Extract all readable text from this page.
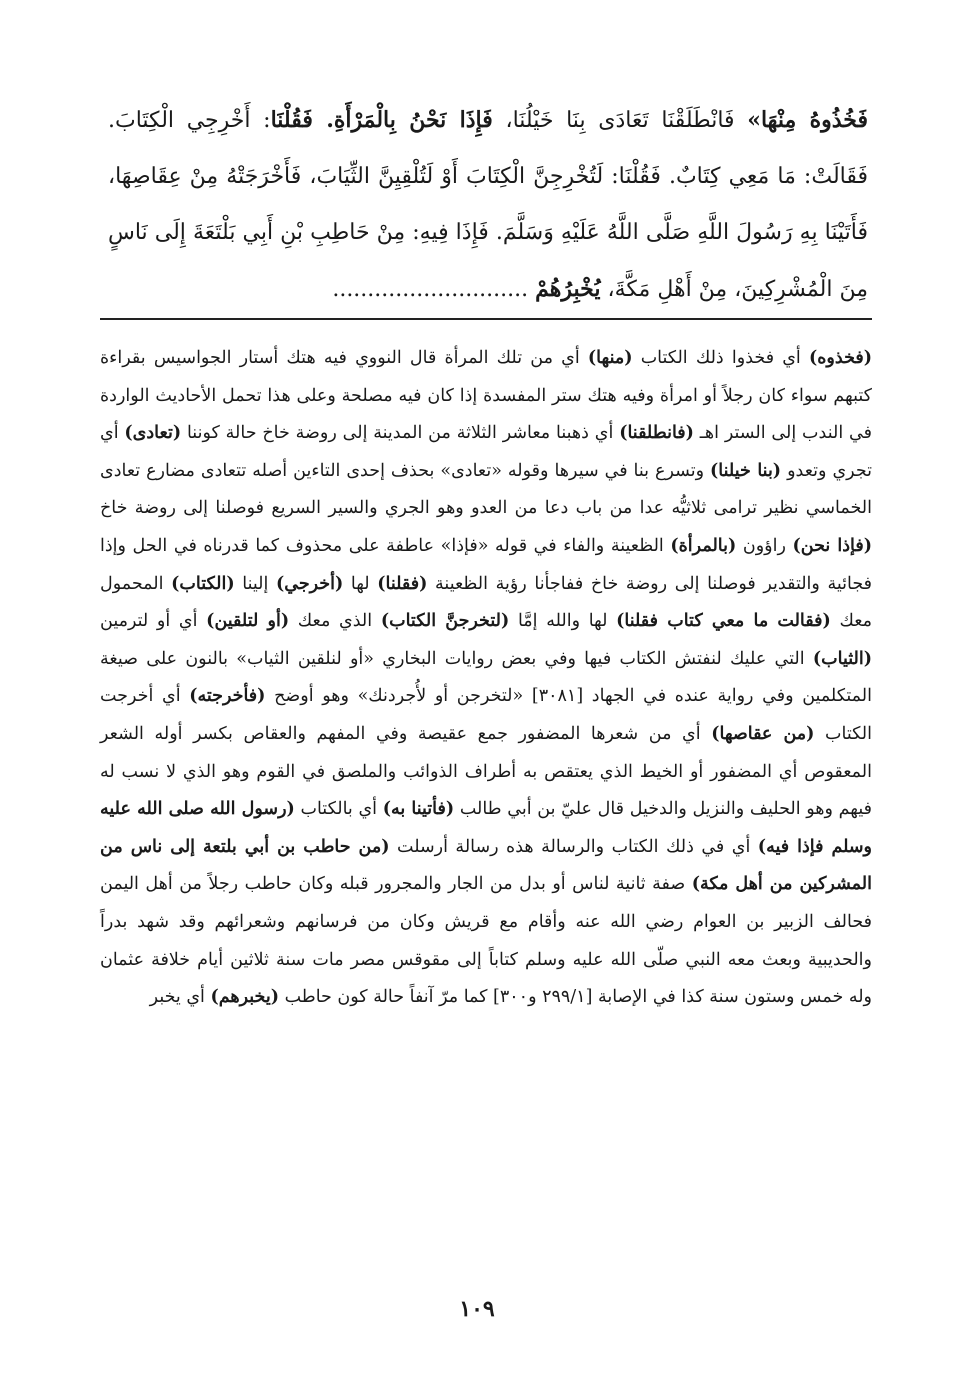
فَخُذُوهُ مِنْهَا» فَانْطَلَقْنَا تَعَادَى بِنَا خَيْلُنَا، فَإِذَا نَحْنُ بِالْمَرْأَةِ. فَقُلْنَا: أَخْرِجِي الْكِتَابَ. فَقَالَتْ: مَا مَعِي كِتَابٌ. فَقُلْنَا: لَتُخْرِجِنَّ الْكِتَابَ أَوْ لَتُلْقِيِنَّ الثِّيَابَ، فَأَخْرَجَتْهُ مِنْ عِقَاصِهَا، فَأَتَيْنَا بِهِ رَسُولَ اللَّهِ صَلَّى اللَّهُ عَلَيْهِ وَسَلَّمَ. فَإِذَا فِيهِ: مِنْ حَاطِبِ بْنِ أَبِي بَلْتَعَةَ إِلَى نَاسٍ مِنَ الْمُشْرِكِينَ، مِنْ أَهْلِ مَكَّةَ، يُخْبِرُهُمْ ............................

(فخذوه) أي فخذوا ذلك الكتاب (منها) أي من تلك المرأة قال النووي فيه هتك أستار الجواسيس بقراءة كتبهم سواء كان رجلاً أو امرأة وفيه هتك ستر المفسدة إذا كان فيه مصلحة وعلى هذا تحمل الأحاديث الواردة في الندب إلى الستر اهـ (فانطلقنا) أي ذهبنا معاشر الثلاثة من المدينة إلى روضة خاخ حالة كوننا (تعادى) أي تجري وتعدو (بنا خيلنا) وتسرع بنا في سيرها وقوله «تعادى» بحذف إحدى التاءين أصله تتعادى مضارع تعادى الخماسي نظير ترامى ثلاثيُّه عدا من باب دعا من العدو وهو الجري والسير السريع فوصلنا إلى روضة خاخ (فإذا نحن) راؤون (بالمرأة) الظعينة والفاء في قوله «فإذا» عاطفة على محذوف كما قدرناه في الحل وإذا فجائية والتقدير فوصلنا إلى روضة خاخ ففاجأنا رؤية الظعينة (فقلنا) لها (أخرجي) إلينا (الكتاب) المحمول معك (فقالت ما معي كتاب فقلنا) لها والله إمَّا (لتخرجنَّ الكتاب) الذي معك (أو لتلقين) أي أو لترمين (الثياب) التي عليك لنفتش الكتاب فيها وفي بعض روايات البخاري «أو لنلقين الثياب» بالنون على صيغة المتكلمين وفي رواية عنده في الجهاد [٣٠٨١] «لتخرجن أو لأُجردنك» وهو أوضح (فأخرجته) أي أخرجت الكتاب (من عقاصها) أي من شعرها المضفور جمع عقيصة وفي المفهم والعقاص بكسر أوله الشعر المعقوص أي المضفور أو الخيط الذي يعتقص به أطراف الذوائب والملصق في القوم وهو الذي لا نسب له فيهم وهو الحليف والنزيل والدخيل قال عليّ بن أبي طالب (فأتينا به) أي بالكتاب (رسول الله صلى الله عليه وسلم فإذا فيه) أي في ذلك الكتاب والرسالة هذه رسالة أرسلت (من حاطب بن أبي بلتعة إلى ناس من المشركين من أهل مكة) صفة ثانية لناس أو بدل من الجار والمجرور قبله وكان حاطب رجلاً من أهل اليمن فحالف الزبير بن العوام رضي الله عنه وأقام مع قريش وكان من فرسانهم وشعرائهم وقد شهد بدراً والحديبية وبعث معه النبي صلّى الله عليه وسلم كتاباً إلى مقوقس مصر مات سنة ثلاثين أيام خلافة عثمان وله خمس وستون سنة كذا في الإصابة [٢٩٩/١ و٣٠٠] كما مرّ آنفاً حالة كون حاطب (يخبرهم) أي يخبر

١٠٩
